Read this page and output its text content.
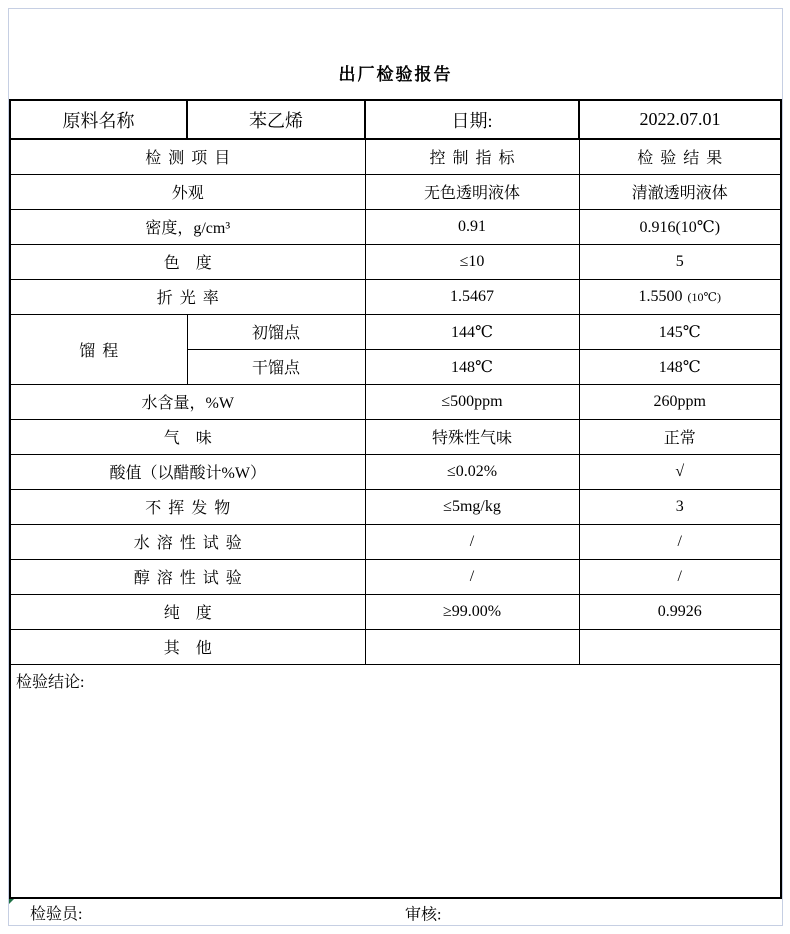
出厂检验报告
原料名称	苯乙烯	日期:	2022.07.01
检 测 项 目		控 制 指 标	检 验 结 果
外观		无色透明液体	清澈透明液体
密度，g/cm³		0.91	0.916(10℃)
色　度		≤10	5
折 光 率		1.5467	1.5500 (10℃)
馏 程	初馏点	144℃	145℃
	干馏点	148℃	148℃
水含量，%W		≤500ppm	260ppm
气　味		特殊性气味	正常
酸值（以醋酸计%W）		≤0.02%	√
不 挥 发 物		≤5mg/kg	3
水 溶 性 试 验		/	/
醇 溶 性 试 验		/	/
纯　度		≥99.00%	0.9926
其　他			
检验结论:			
检验员:	审核:
